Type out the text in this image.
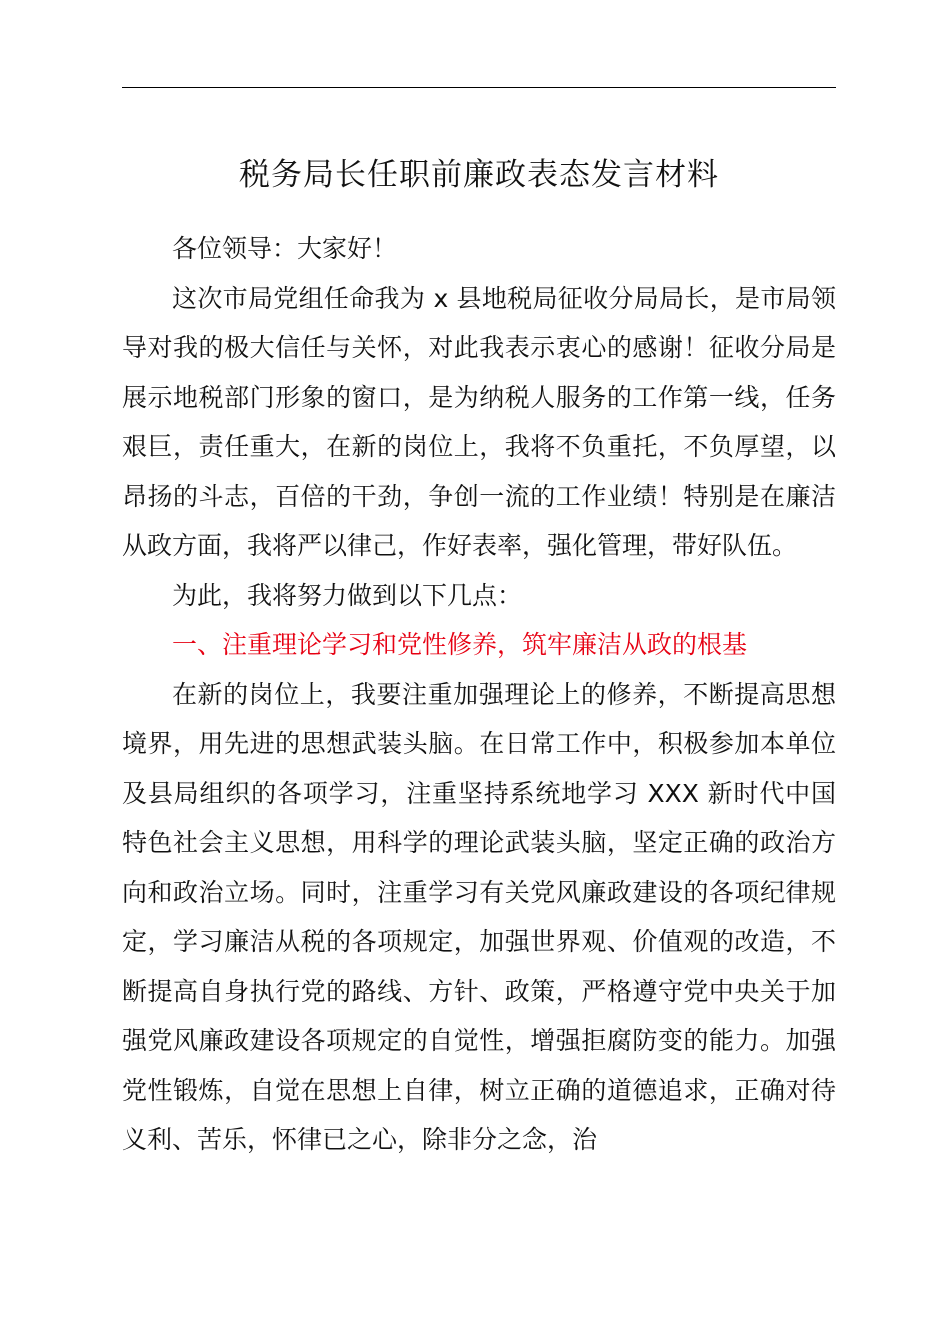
税务局长任职前廉政表态发言材料

各位领导：大家好！

这次市局党组任命我为 x 县地税局征收分局局长，是市局领导对我的极大信任与关怀，对此我表示衷心的感谢！征收分局是展示地税部门形象的窗口，是为纳税人服务的工作第一线，任务艰巨，责任重大，在新的岗位上，我将不负重托，不负厚望，以昂扬的斗志，百倍的干劲，争创一流的工作业绩！特别是在廉洁从政方面，我将严以律己，作好表率，强化管理，带好队伍。

为此，我将努力做到以下几点：

一、注重理论学习和党性修养，筑牢廉洁从政的根基

在新的岗位上，我要注重加强理论上的修养，不断提高思想境界，用先进的思想武装头脑。在日常工作中，积极参加本单位及县局组织的各项学习，注重坚持系统地学习 XXX 新时代中国特色社会主义思想，用科学的理论武装头脑，坚定正确的政治方向和政治立场。同时，注重学习有关党风廉政建设的各项纪律规定，学习廉洁从税的各项规定，加强世界观、价值观的改造，不断提高自身执行党的路线、方针、政策，严格遵守党中央关于加强党风廉政建设各项规定的自觉性，增强拒腐防变的能力。加强党性锻炼，自觉在思想上自律，树立正确的道德追求，正确对待义利、苦乐，怀律已之心，除非分之念，治
